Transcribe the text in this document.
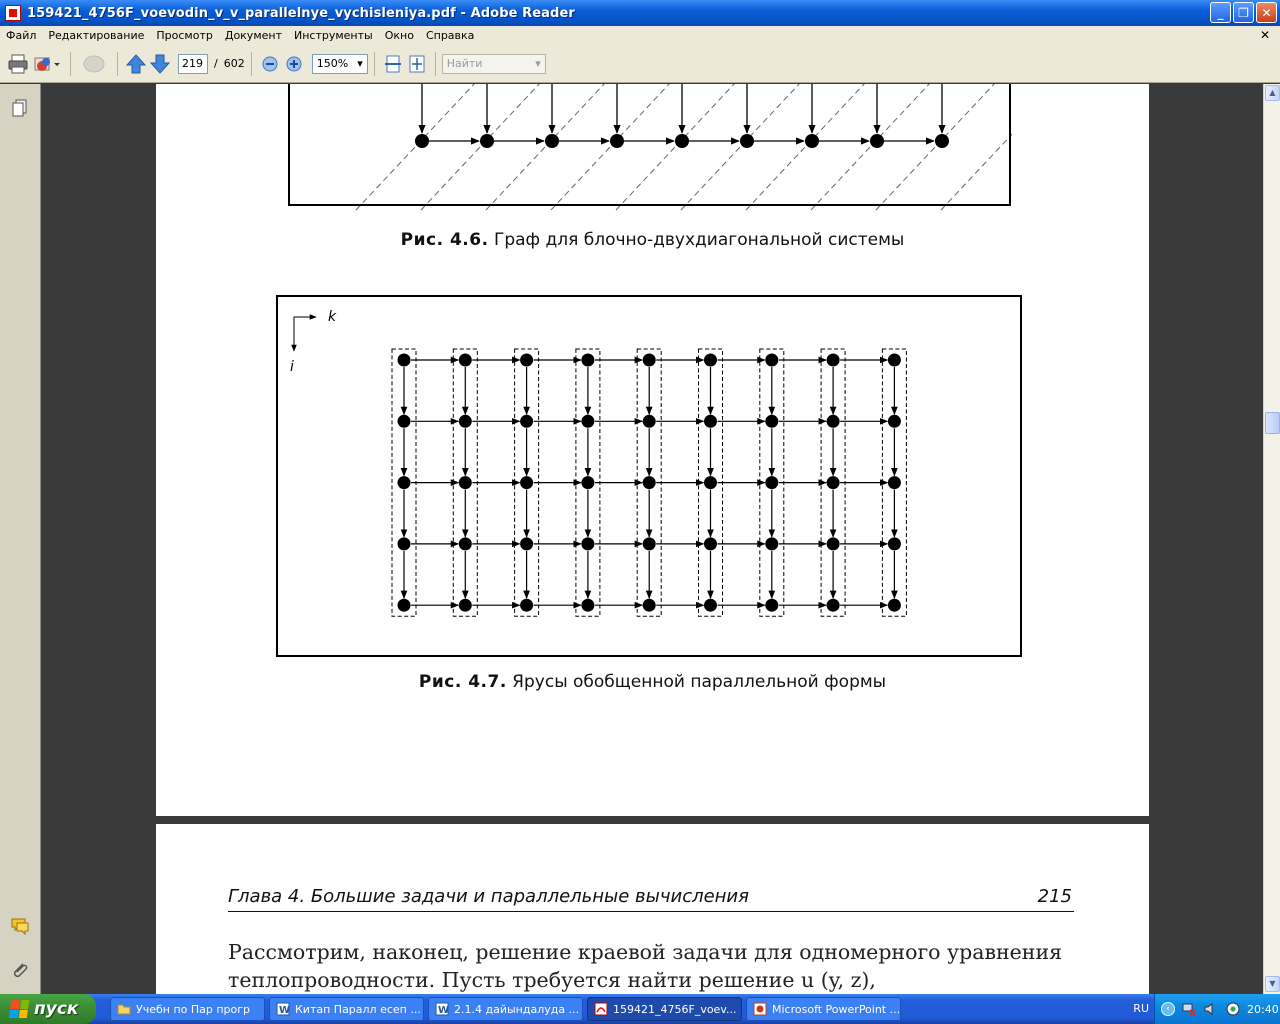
159421_4756F_voevodin_v_v_parallelnye_vychisleniya.pdf - Adobe Reader	_	❐	✕
Файл	Редактирование	Просмотр	Документ	Инструменты	Окно	Справка	✕
219	/ 602	150% ▾	Найти	▾
Рис. 4.6. Граф для блочно-двухдиагональной системы
k
i
Рис. 4.7. Ярусы обобщенной параллельной формы
Глава 4. Большие задачи и параллельные вычисления	215
Рассмотрим, наконец, решение краевой задачи для одномерного уравнения
теплопроводности. Пусть требуется найти решение u (y, z),
▲
▼
пуск	Учебн по Пар прогр	W Китап Паралл есеп ... W 2.1.4 дайындалуда ...	159421_4756F_voev...	Microsoft PowerPoint ...	RU	‹	20:40
